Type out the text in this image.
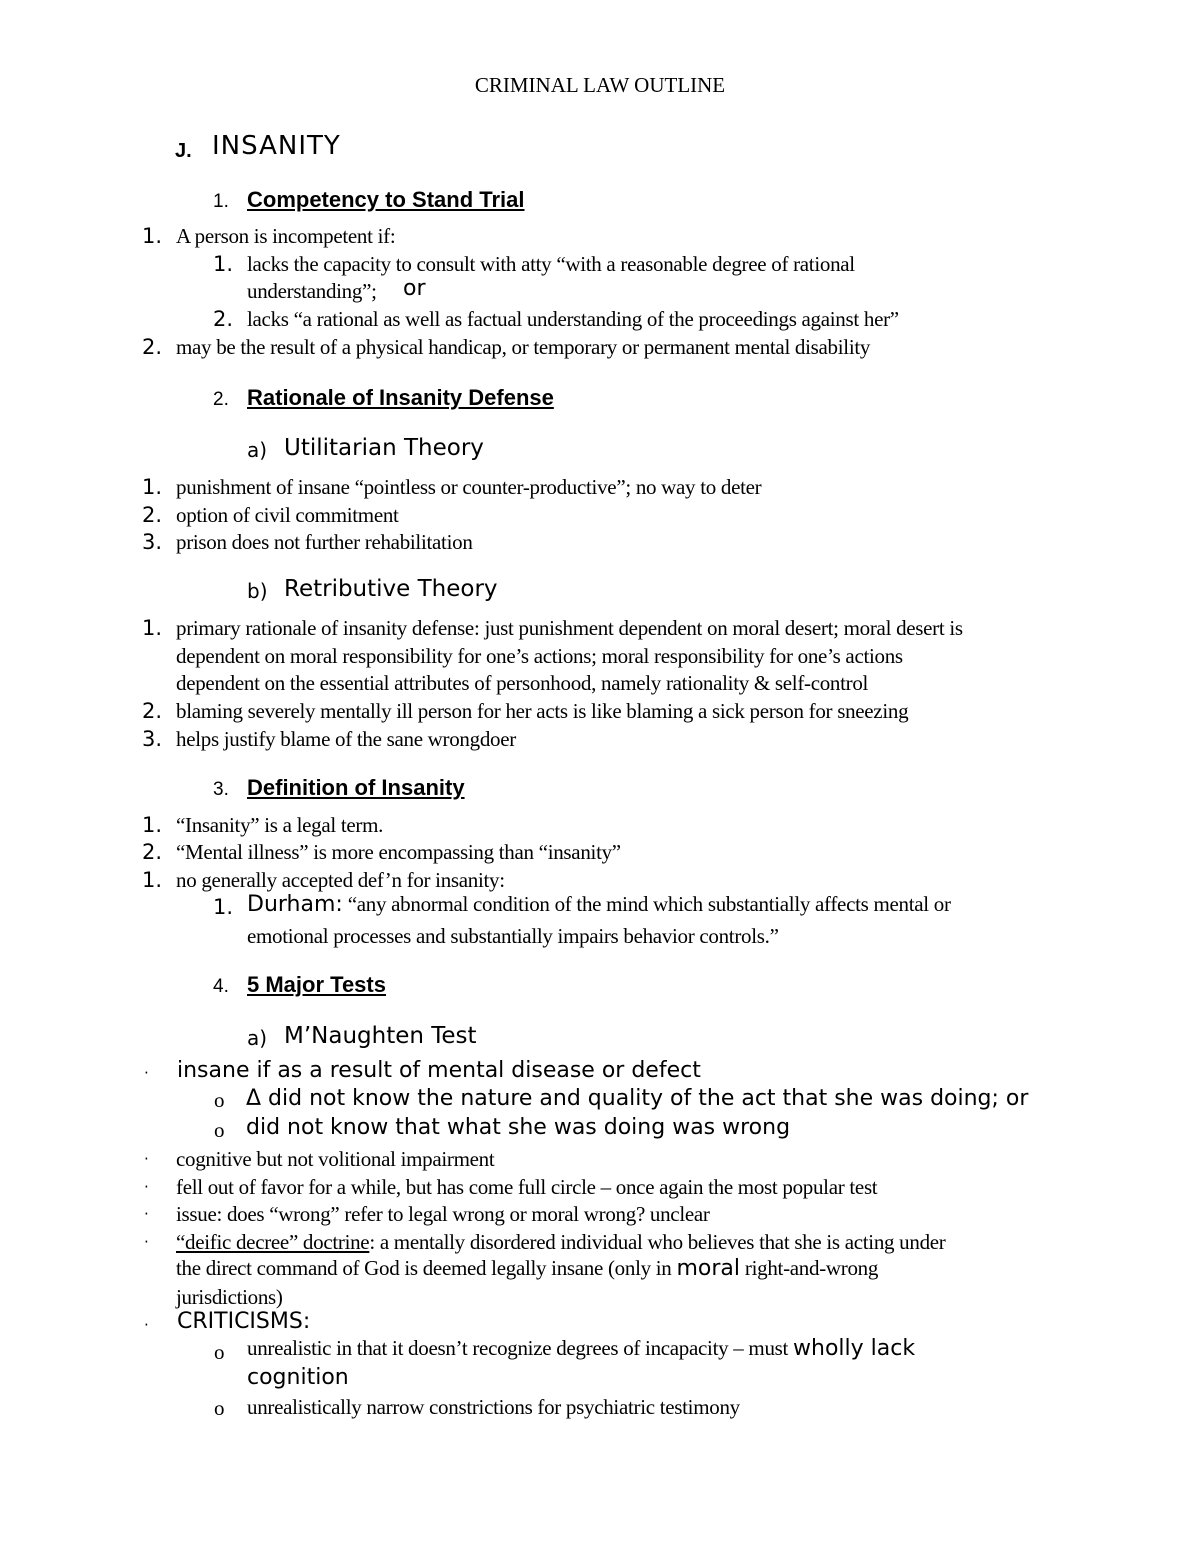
CRIMINAL LAW OUTLINE
J. INSANITY
1. Competency to Stand Trial
1. A person is incompetent if:
1. lacks the capacity to consult with atty “with a reasonable degree of rational
understanding”; or
2. lacks “a rational as well as factual understanding of the proceedings against her”
2. may be the result of a physical handicap, or temporary or permanent mental disability
2. Rationale of Insanity Defense
a) Utilitarian Theory
1. punishment of insane “pointless or counter-productive”; no way to deter
2. option of civil commitment
3. prison does not further rehabilitation
b) Retributive Theory
1. primary rationale of insanity defense: just punishment dependent on moral desert; moral desert is
dependent on moral responsibility for one’s actions; moral responsibility for one’s actions
dependent on the essential attributes of personhood, namely rationality & self-control
2. blaming severely mentally ill person for her acts is like blaming a sick person for sneezing
3. helps justify blame of the sane wrongdoer
3. Definition of Insanity
1. “Insanity” is a legal term.
2. “Mental illness” is more encompassing than “insanity”
1. no generally accepted def’n for insanity:
1. Durham: “any abnormal condition of the mind which substantially affects mental or
emotional processes and substantially impairs behavior controls.”
4. 5 Major Tests
a) M’Naughten Test
· insane if as a result of mental disease or defect
o Δ did not know the nature and quality of the act that she was doing; or
o did not know that what she was doing was wrong
· cognitive but not volitional impairment
· fell out of favor for a while, but has come full circle – once again the most popular test
· issue: does “wrong” refer to legal wrong or moral wrong? unclear
· “deific decree” doctrine: a mentally disordered individual who believes that she is acting under
the direct command of God is deemed legally insane (only in moral right-and-wrong
jurisdictions)
· CRITICISMS:
o unrealistic in that it doesn’t recognize degrees of incapacity – must wholly lack
cognition
o unrealistically narrow constrictions for psychiatric testimony
